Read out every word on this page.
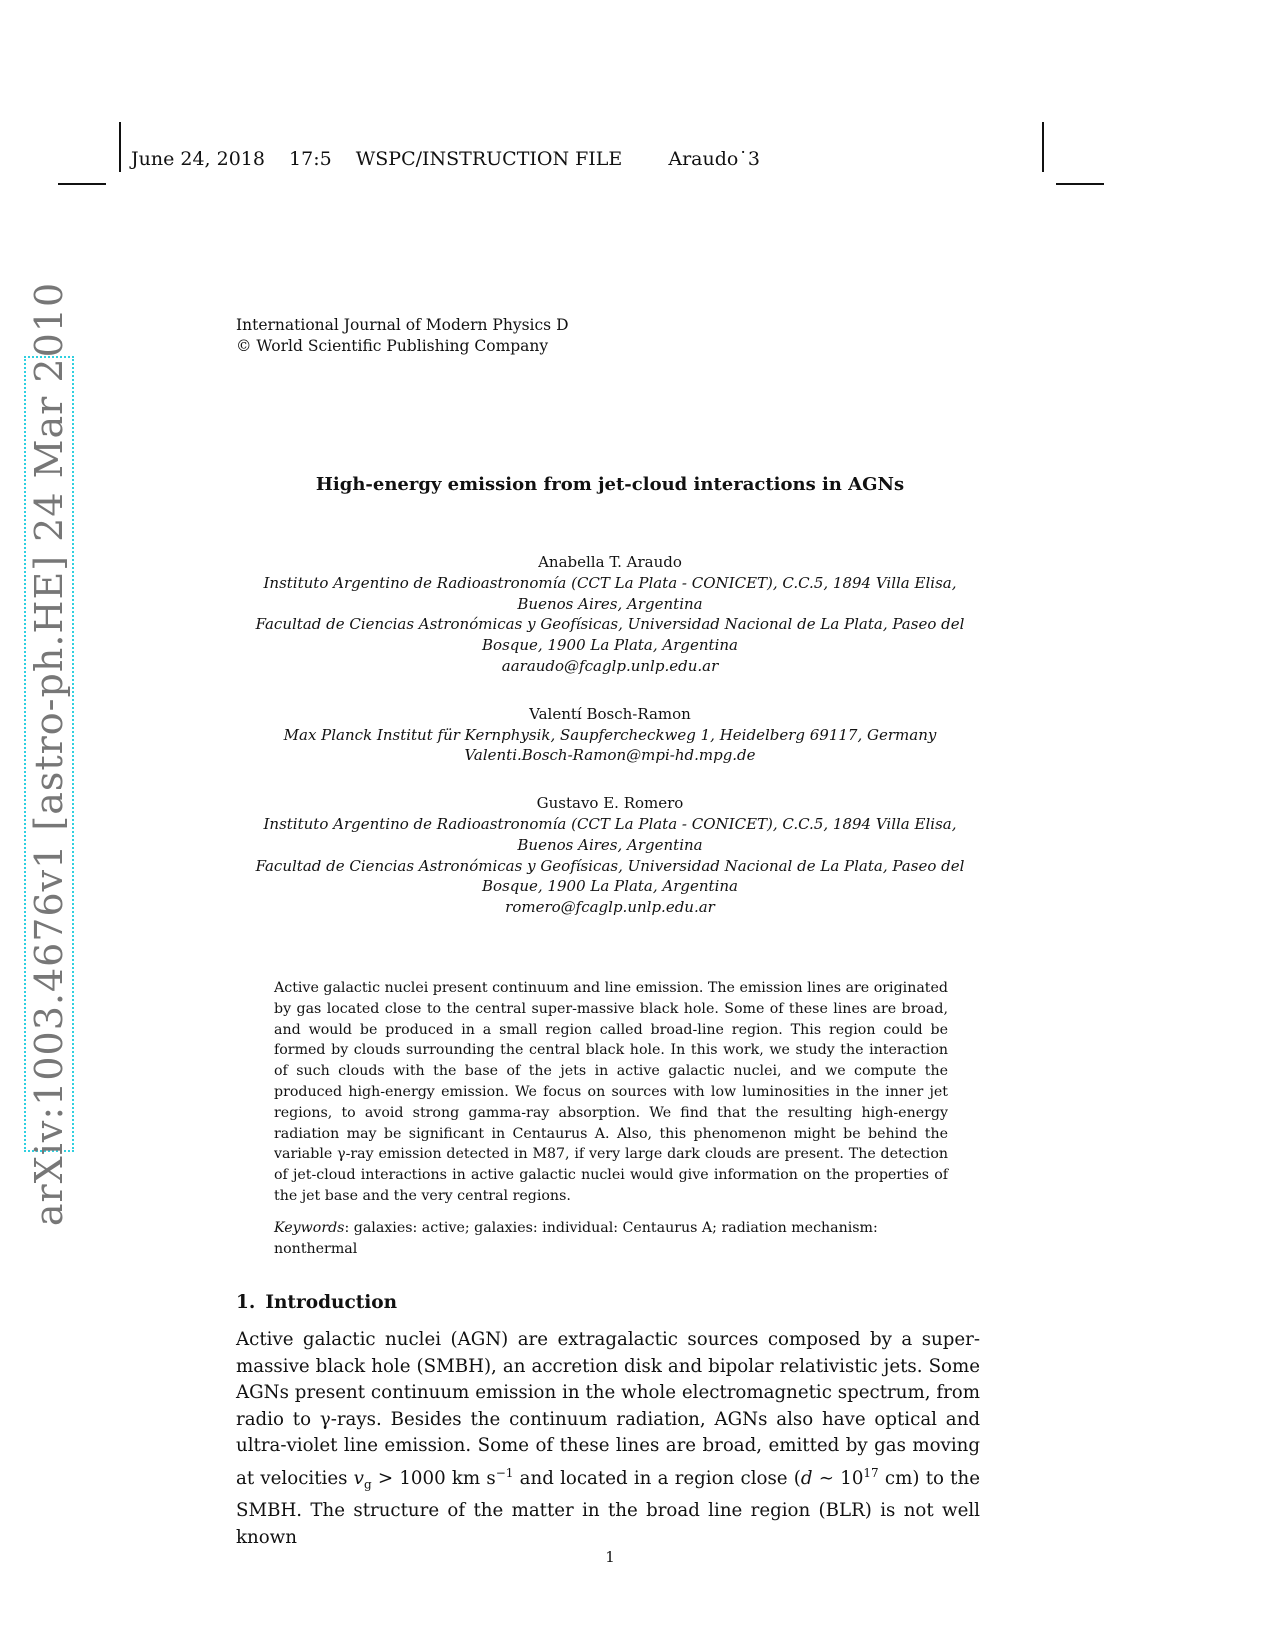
June 24, 2018 17:5 WSPC/INSTRUCTION FILE Araudo˙3
arXiv:1003.4676v1 [astro-ph.HE] 24 Mar 2010	International Journal of Modern Physics D
© World Scientific Publishing Company
High-energy emission from jet-cloud interactions in AGNs
Anabella T. Araudo
Instituto Argentino de Radioastronomía (CCT La Plata - CONICET), C.C.5, 1894 Villa Elisa,
Buenos Aires, Argentina
Facultad de Ciencias Astronómicas y Geofísicas, Universidad Nacional de La Plata, Paseo del
Bosque, 1900 La Plata, Argentina
aaraudo@fcaglp.unlp.edu.ar
Valentí Bosch-Ramon
Max Planck Institut für Kernphysik, Saupfercheckweg 1, Heidelberg 69117, Germany
Valenti.Bosch-Ramon@mpi-hd.mpg.de
Gustavo E. Romero
Instituto Argentino de Radioastronomía (CCT La Plata - CONICET), C.C.5, 1894 Villa Elisa,
Buenos Aires, Argentina
Facultad de Ciencias Astronómicas y Geofísicas, Universidad Nacional de La Plata, Paseo del
Bosque, 1900 La Plata, Argentina
romero@fcaglp.unlp.edu.ar
Active galactic nuclei present continuum and line emission. The emission lines are originated by gas located close to the central super-massive black hole. Some of these lines are broad, and would be produced in a small region called broad-line region. This region could be formed by clouds surrounding the central black hole. In this work, we study the interaction of such clouds with the base of the jets in active galactic nuclei, and we compute the produced high-energy emission. We focus on sources with low luminosities in the inner jet regions, to avoid strong gamma-ray absorption. We find that the resulting high-energy radiation may be significant in Centaurus A. Also, this phenomenon might be behind the variable γ-ray emission detected in M87, if very large dark clouds are present. The detection of jet-cloud interactions in active galactic nuclei would give information on the properties of the jet base and the very central regions.
Keywords: galaxies: active; galaxies: individual: Centaurus A; radiation mechanism: nonthermal
1. Introduction
Active galactic nuclei (AGN) are extragalactic sources composed by a super-massive black hole (SMBH), an accretion disk and bipolar relativistic jets. Some AGNs present continuum emission in the whole electromagnetic spectrum, from radio to γ-rays. Besides the continuum radiation, AGNs also have optical and ultra-violet line emission. Some of these lines are broad, emitted by gas moving at velocities $v_g > 1000$ km $s^{-1}$ and located in a region close (d ∼ $10^{17}$ cm) to the SMBH. The structure of the matter in the broad line region (BLR) is not well known
1
